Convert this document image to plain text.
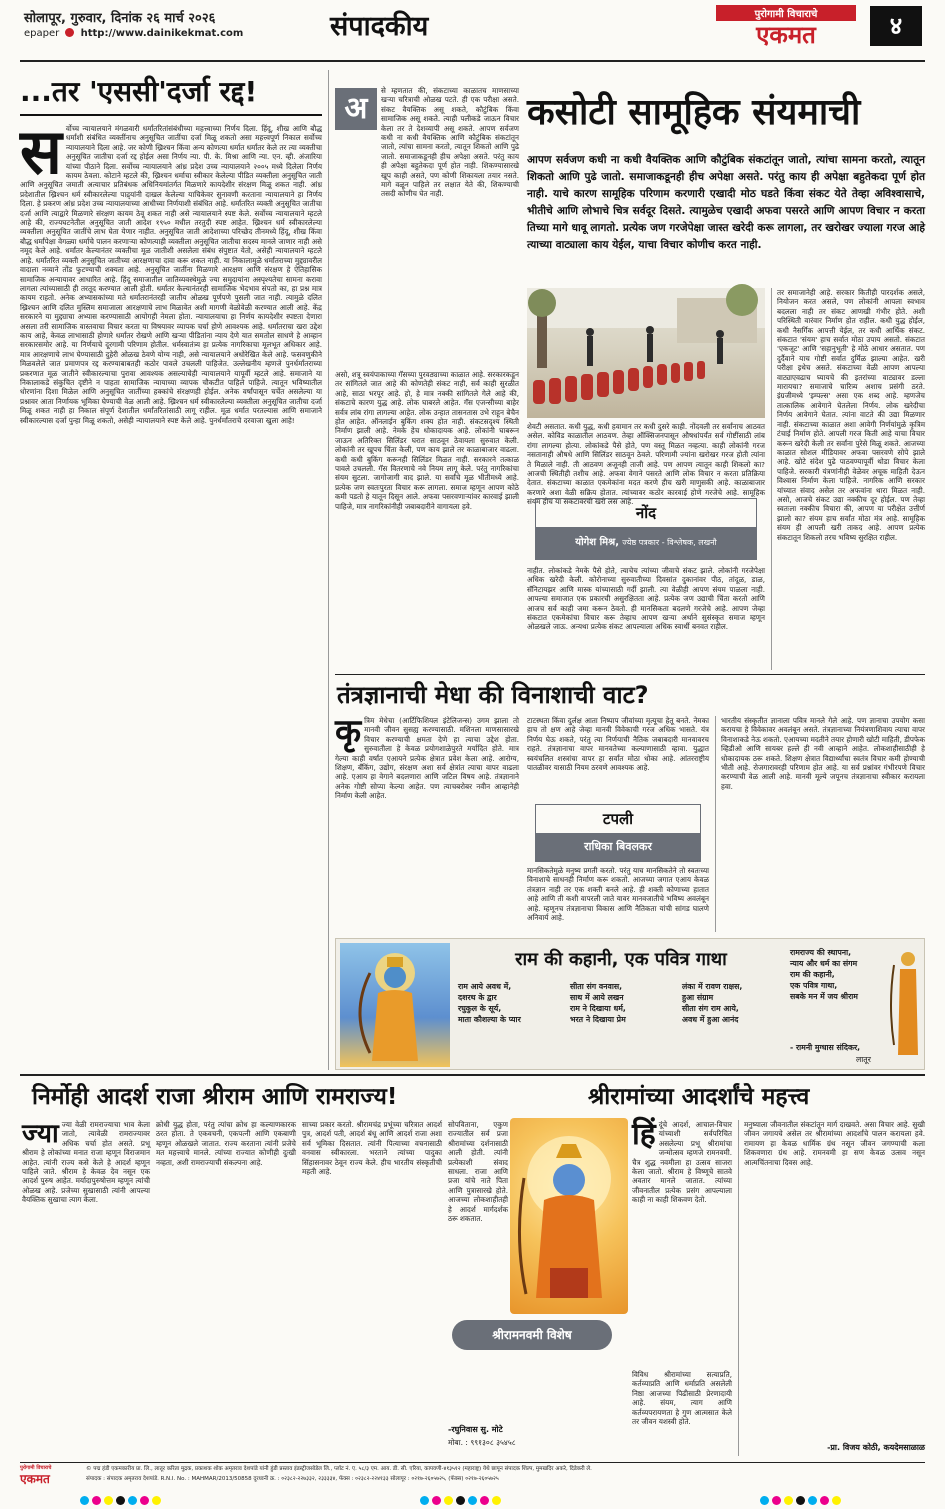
सोलापूर, गुरुवार, दिनांक २६ मार्च २०२६
epaper http://www.dainikekmat.com	संपादकीय	पुरोगामी विचाराचे
एकमत	४
...तर 'एससी'दर्जा रद्द!
स र्वोच्च न्यायालयाने मंगळवारी धर्मांतरितांसंबंधीच्या महत्त्वाच्या निर्णय दिला. हिंदू, शीख आणि बौद्ध धर्मांशी संबंधित व्यक्तींनाच अनुसूचित जातींचा दर्जा मिळू शकतो असा महत्त्वपूर्ण निकाल सर्वोच्च न्यायालयाने दिला आहे. जर कोणी ख्रिश्चन किंवा अन्य कोणत्या धर्मात धर्मांतर केले तर त्या व्यक्तीचा अनुसूचित जातीचा दर्जा रद्द होईल असा निर्णय न्या. पी. के. मिश्रा आणि न्या. एन. व्ही. अंजारिया यांच्या पीठाने दिला. सर्वोच्च न्यायालयाने आंध्र प्रदेश उच्च न्यायालयाने २००५ मध्ये दिलेला निर्णय कायम ठेवला. कोटाने म्हटले की, ख्रिश्चन धर्माचा स्वीकार केलेल्या पीडित व्यक्तीला अनुसूचित जाती आणि अनुसूचित जमाती अत्याचार प्रतिबंधक अधिनियमांतर्गत मिळणारे कायदेशीर संरक्षण मिळू शकत नाही. आंध्र प्रदेशातील ख्रिश्चन धर्म स्वीकारलेल्या पाद्र्यांनी दाखल केलेल्या याचिकेवर सुनावणी करताना न्यायालयाने हा निर्णय दिला. हे प्रकरण आंध्र प्रदेश उच्च न्यायालयाच्या आधीच्या निर्णयाशी संबंधित आहे. धर्मांतरित व्यक्ती अनुसूचित जातीचा दर्जा आणि त्याद्वारे मिळणारे संरक्षण कायम ठेवू शकत नाही असे न्यायालयाने स्पष्ट केले. सर्वोच्च न्यायालयाने म्हटले आहे की, राज्यघटनेतील अनुसूचित जाती आदेश १९५० मधील तरतुदी स्पष्ट आहेत. ख्रिश्चन धर्म स्वीकारलेल्या व्यक्तीला अनुसूचित जातींचे लाभ घेता येणार नाहीत. अनुसूचित जाती आदेशाच्या परिच्छेद तीनमध्ये हिंदू, शीख किंवा बौद्ध धर्मांपेक्षा वेगळ्या धर्माचे पालन करणाऱ्या कोणत्याही व्यक्तीला अनुसूचित जातीचा सदस्य मानले जाणार नाही असे नमूद केले आहे. धर्मांतर केल्यानंतर व्यक्तीचा मूळ जातीशी असलेला संबंध संपुष्टात येतो, असेही न्यायालयाने म्हटले आहे. धर्मांतरित व्यक्ती अनुसूचित जातीच्या आरक्षणाचा दावा करू शकत नाही. या निकालामुळे धर्मांतराच्या मुद्द्यावरील वादाला नव्याने तोंड फुटण्याची शक्यता आहे. अनुसूचित जातींना मिळणारे आरक्षण आणि संरक्षण हे ऐतिहासिक सामाजिक अन्यायावर आधारित आहे. हिंदू समाजातील जातिव्यवस्थेमुळे ज्या समुदायांना अस्पृश्यतेचा सामना करावा लागला त्यांच्यासाठी ही तरतूद करण्यात आली होती. धर्मांतर केल्यानंतरही सामाजिक भेदभाव संपतो का, हा प्रश्न मात्र कायम राहतो. अनेक अभ्यासकांच्या मते धर्मांतरानंतरही जातीय ओळख पूर्णपणे पुसली जात नाही. त्यामुळे दलित ख्रिश्चन आणि दलित मुस्लिम समाजाला आरक्षणाचे लाभ मिळावेत अशी मागणी वेळोवेळी करण्यात आली आहे. केंद्र सरकारने या मुद्द्याचा अभ्यास करण्यासाठी आयोगही नेमला होता. न्यायालयाचा हा निर्णय कायदेशीर स्पष्टता देणारा असला तरी सामाजिक वास्तवाचा विचार करता या विषयावर व्यापक चर्चा होणे आवश्यक आहे. धर्मांतराचा खरा उद्देश काय आहे, केवळ लाभासाठी होणारे धर्मांतर रोखणे आणि खऱ्या पीडितांना न्याय देणे यात समतोल साधणे हे आव्हान सरकारसमोर आहे. या निर्णयाचे दूरगामी परिणाम होतील. धर्मस्वातंत्र्य हा प्रत्येक नागरिकाचा मूलभूत अधिकार आहे. मात्र आरक्षणाचे लाभ घेण्यासाठी दुहेरी ओळख ठेवणे योग्य नाही, असे न्यायालयाने अधोरेखित केले आहे. फसवणुकीने मिळवलेले जात प्रमाणपत्र रद्द करण्याबाबतही कठोर पावले उचलली पाहिजेत. उल्लेखनीय म्हणजे पुनर्धर्मांतराच्या प्रकरणात मूळ जातीने स्वीकारल्याचा पुरावा आवश्यक असल्याचेही न्यायालयाने यापूर्वी म्हटले आहे. समाजाने या निकालाकडे संकुचित दृष्टीने न पाहता सामाजिक न्यायाच्या व्यापक चौकटीत पाहिले पाहिजे. त्यातून भविष्यातील धोरणांना दिशा मिळेल आणि अनुसूचित जातींच्या हक्कांचे संरक्षणही होईल. अनेक वर्षांपासून चर्चेत असलेल्या या प्रश्नावर आता निर्णायक भूमिका घेण्याची वेळ आली आहे. ख्रिश्चन धर्म स्वीकारलेल्या व्यक्तीला अनुसूचित जातीचा दर्जा मिळू शकत नाही हा निकाल संपूर्ण देशातील धर्मांतरितांसाठी लागू राहील. मूळ धर्मात परतल्यास आणि समाजाने स्वीकारल्यास दर्जा पुन्हा मिळू शकतो, असेही न्यायालयाने स्पष्ट केले आहे. पुनर्धर्मांतराचे दरवाजा खुला आहे!
अ
से म्हणतात की, संकटाच्या काळातच माणसाच्या खऱ्या चरित्राची ओळख पटते. ही एक परीक्षा असते. संकट वैयक्तिक असू शकते, कौटुंबिक किंवा सामाजिक असू शकते. त्याही पलीकडे जाऊन विचार केला तर ते देशव्यापी असू शकते. आपण सर्वजण कधी ना कधी वैयक्तिक आणि कौटुंबिक संकटांतून जातो, त्यांचा सामना करतो, त्यातून शिकतो आणि पुढे जातो. समाजाकडूनही हीच अपेक्षा असते. परंतु काय ही अपेक्षा बहुतेकदा पूर्ण होत नाही. शिकण्यासारखे खूप काही असते, पण कोणी शिकायला तयार नसते. मागे वळून पाहिले तर लक्षात येते की, शिकण्याची तसदी कोणीच घेत नाही.
कसोटी सामूहिक संयमाची
आपण सर्वजण कधी ना कधी वैयक्तिक आणि कौटुंबिक संकटांतून जातो, त्यांचा सामना करतो, त्यातून शिकतो आणि पुढे जातो. समाजाकडूनही हीच अपेक्षा असते. परंतु काय ही अपेक्षा बहुतेकदा पूर्ण होत नाही. याचे कारण सामूहिक परिणाम करणारी एखादी मोठ घडते किंवा संकट येते तेव्हा अविश्वासाचे, भीतीचे आणि लोभाचे चित्र सर्वदूर दिसते. त्यामुळेच एखादी अफवा पसरते आणि आपण विचार न करता तिच्या मागे धावू लागतो. प्रत्येक जण गरजेपेक्षा जास्त खरेदी करू लागला, तर खरोखर ज्याला गरज आहे त्याच्या वाट्याला काय येईल, याचा विचार कोणीच करत नाही.
असो, शत्रू स्वयंपाकाच्या गॅसच्या पुरवठ्याच्या काळात आहे. सरकारकडून तर सांगितले जात आहे की कोणतेही संकट नाही, सर्व काही सुरळीत आहे, साठा भरपूर आहे. हो, हे मात्र नक्की सांगितले गेले आहे की, संकटाचे कारण युद्ध आहे. लोक घाबरले आहेत. गॅस एजन्सीच्या बाहेर सर्वत्र लांब रांगा लागल्या आहेत. लोक उन्हात तासनतास उभे राहून बेचैन होत आहेत. ऑनलाईन बुकिंग शक्य होत नाही. संकटसदृश्य स्थिती निर्माण झाली आहे. नेमके हेच धोकादायक आहे. लोकांनी घाबरून जाऊन अतिरिक्त सिलिंडर घरात साठवून ठेवायला सुरुवात केली. लोकांनी तर खूपच चिंता केली, पण काय झाले तर काळाबाजार वाढला. कधी कधी बुकिंग करूनही सिलिंडर मिळत नाही. सरकारने तत्काळ पावले उचलली. गॅस वितरणाचे नवे नियम लागू केले. परंतु नागरिकांचा संयम सुटला. जागोजागी वाद झाले. या सर्वांचे मूळ भीतीमध्ये आहे. प्रत्येक जण स्वतःपुरता विचार करू लागला. समाज म्हणून आपण कोठे कमी पडतो हे यातून दिसून आले. अफवा पसरवणाऱ्यांवर कारवाई झाली पाहिजे, मात्र नागरिकांनीही जबाबदारीने वागायला हवे.
शेवटी असतात. कधी युद्ध, कधी हवामान तर कधी दुसरे काही. नोंदवली तर सर्वांनाच आठवत असेल. कोविड काळातील आठवण. तेव्हा ऑक्सिजनपासून औषधांपर्यंत सर्व गोष्टींसाठी लांब रांगा लागल्या होत्या. लोकांकडे पैसे होते, पण वस्तू मिळत नव्हत्या. काही लोकांनी गरज नसतानाही औषधे आणि सिलिंडर साठवून ठेवले. परिणामी ज्यांना खरोखर गरज होती त्यांना ते मिळाले नाही. ती आठवण अजूनही ताजी आहे. पण आपण त्यातून काही शिकलो का? आजची स्थितीही तशीच आहे. अफवा वेगाने पसरते आणि लोक विचार न करता प्रतिक्रिया देतात. संकटाच्या काळात एकमेकांना मदत करणे हीच खरी माणुसकी आहे. काळाबाजार करणारे अशा वेळी सक्रिय होतात. त्यांच्यावर कठोर कारवाई होणे गरजेचे आहे. सामूहिक संयम हीच या संकटावरची खरी लस आहे.
नोंद
योगेश मिश्र, ज्येष्ठ पत्रकार - विश्लेषक, लखनौ
नाहीत. लोकांकडे नेमके पैसे होते, त्याचेच त्यांच्या जीवाचे संकट झाले. लोकांनी गरजेपेक्षा अधिक खरेदी केली. कोरोनाच्या सुरुवातीच्या दिवसांत दुकानांवर पीठ, तांदूळ, डाळ, सॅनिटायझर आणि मास्क यांच्यासाठी गर्दी झाली. त्या वेळीही आपण संयम पाळला नाही. आपल्या समाजात एक प्रकारची असुरक्षितता आहे. प्रत्येक जण उद्याची चिंता करतो आणि आजच सर्व काही जमा करून ठेवतो. ही मानसिकता बदलणे गरजेचे आहे. आपण जेव्हा संकटात एकमेकांचा विचार करू तेव्हाच आपण खऱ्या अर्थाने सुसंस्कृत समाज म्हणून ओळखले जाऊ. अन्यथा प्रत्येक संकट आपल्याला अधिक स्वार्थी बनवत राहील.
तर समाजानेही आहे. सरकार कितीही पारदर्शक असले, नियोजन करत असले, पण लोकांनी आपला स्वभाव बदलला नाही तर संकट आणखी गंभीर होते. अशी परिस्थिती वारंवार निर्माण होत राहील. कधी युद्ध होईल, कधी नैसर्गिक आपत्ती येईल, तर कधी आर्थिक संकट. संकटात 'संयम' हाच सर्वात मोठा उपाय असतो. संकटात 'एकजूट' आणि 'सहानुभूती' हे मोठे आधार असतात. पण दुर्दैवाने याच गोष्टी सर्वात दुर्मिळ झाल्या आहेत. खरी परीक्षा इथेच असते. संकटाच्या वेळी आपण आपल्या वाट्याएवढाच घ्यायचे की इतरांच्या वाट्यावर डल्ला मारायचा? समाजाचे चारित्र्य अशाच प्रसंगी ठरते. इंग्रजीमध्ये 'इम्पल्स' असा एक शब्द आहे. म्हणजेच तात्कालिक आवेगाने घेतलेला निर्णय. लोक खरेदीचा निर्णय आवेगाने घेतात. त्यांना वाटते की उद्या मिळणार नाही. संकटाच्या काळात अशा आवेगी निर्णयांमुळे कृत्रिम टंचाई निर्माण होते. आपली गरज किती आहे याचा विचार करून खरेदी केली तर सर्वांना पुरेसे मिळू शकते. आजच्या काळात सोशल मीडियावर अफवा पसरवणे सोपे झाले आहे. खोटे संदेश पुढे पाठवण्यापूर्वी थोडा विचार केला पाहिजे. सरकारी यंत्रणांनीही वेळेवर अचूक माहिती देऊन विश्वास निर्माण केला पाहिजे. नागरिक आणि सरकार यांच्यात संवाद असेल तर अफवांना थारा मिळत नाही. असो, आजचे संकट उद्या नक्कीच दूर होईल. पण तेव्हा स्वतःला नक्कीच विचारा की, आपण या परीक्षेत उत्तीर्ण झालो का? संयम हाच सर्वांत मोठा मंत्र आहे. सामूहिक संयम ही आपली खरी ताकद आहे. आपण प्रत्येक संकटातून शिकलो तरच भविष्य सुरक्षित राहील.
तंत्रज्ञानाची मेधा की विनाशाची वाट?
कृ त्रिम मेधेचा (आर्टिफिशियल इंटेलिजन्स) उगम झाला तो मानवी जीवन सुसह्य करण्यासाठी. मशिनला माणसासारखे विचार करण्याची क्षमता देणे हा त्याचा उद्देश होता. सुरुवातीला हे केवळ प्रयोगशाळेपुरते मर्यादित होते. मात्र गेल्या काही वर्षांत एआयने प्रत्येक क्षेत्रात प्रवेश केला आहे. आरोग्य, शिक्षण, बँकिंग, उद्योग, संरक्षण अशा सर्व क्षेत्रांत त्याचा वापर वाढला आहे. एआय हा वेगाने बदलणारा आणि जटिल विषय आहे. तंत्रज्ञानाने अनेक गोष्टी सोप्या केल्या आहेत. पण त्याचबरोबर नवीन आव्हानेही निर्माण केली आहेत.
टाटस्थता किंवा दुर्लक्ष आता निष्पाप जीवांच्या मृत्यूचा हेतू बनते. नेमका हाच तो क्षण आहे जेव्हा मानवी विवेकाची गरज अधिक भासते. यंत्र निर्णय घेऊ शकते, परंतु त्या निर्णयाची नैतिक जबाबदारी मानवावरच राहते. तंत्रज्ञानाचा वापर मानवतेच्या कल्याणासाठी व्हावा. युद्धात स्वयंचलित शस्त्रांचा वापर हा सर्वांत मोठा धोका आहे. आंतरराष्ट्रीय पातळीवर यासाठी नियम ठरवणे आवश्यक आहे.
टपली
राधिका बिवलकर
मानसिकतेमुळे मनुष्य प्रगती करतो. परंतु याच मानसिकतेने तो स्वतःच्या विनाशाचे साधनही निर्माण करू शकतो. आजच्या जगात एआय केवळ तंत्रज्ञान नाही तर एक शक्ती बनले आहे. ही शक्ती कोणाच्या हातात आहे आणि ती कशी वापरली जाते यावर मानवजातीचे भविष्य अवलंबून आहे. म्हणूनच तंत्रज्ञानाचा विकास आणि नैतिकता यांची सांगड घालणे अनिवार्य आहे.
भारतीय संस्कृतीत ज्ञानाला पवित्र मानले गेले आहे. पण ज्ञानाचा उपयोग कसा करायचा हे विवेकावर अवलंबून असते. तंत्रज्ञानाच्या नियंत्रणाशिवाय त्याचा वापर विनाशाकडे नेऊ शकतो. एआयच्या मदतीने तयार होणारी खोटी माहिती, डीपफेक व्हिडीओ आणि सायबर हल्ले ही नवी आव्हाने आहेत. लोकशाहीसाठीही हे धोकादायक ठरू शकते. शिक्षण क्षेत्रात विद्यार्थ्यांचा स्वतंत्र विचार कमी होण्याची भीती आहे. रोजगारावरही परिणाम होत आहे. या सर्व प्रश्नांवर गंभीरपणे विचार करण्याची वेळ आली आहे. मानवी मूल्ये जपूनच तंत्रज्ञानाचा स्वीकार करायला हवा.
राम की कहानी, एक पवित्र गाथा
राम आये अवध में,
दशरथ के द्वार
रघुकुल के सूर्य,
माता कौशल्या के प्यार
सीता संग वनवास,
साथ में आये लखन
राम ने दिखाया धर्म,
भरत ने दिखाया प्रेम
लंका में रावण राक्षस,
हुआ संग्राम
सीता संग राम आये,
अवध में हुआ आनंद
रामराज्य की स्थापना,
न्याय और धर्म का संगम
राम की कहानी,
एक पवित्र गाथा,
सबके मन में जय श्रीराम
- रामनी मुग्धास संदिकर,
लातूर
निर्मोही आदर्श राजा श्रीराम आणि रामराज्य!
ज्या ज्या वेळी रामराज्याचा भाव केला जातो, त्यावेळी रामराज्यावर अधिक चर्चा होत असते. प्रभू श्रीराम हे लोकांच्या मनात राजा म्हणून विराजमान आहेत. त्यांनी राज्य कसे केले हे आदर्श म्हणून पाहिले जाते. श्रीराम हे केवळ देव नसून एक आदर्श पुरुष आहेत. मर्यादापुरुषोत्तम म्हणून त्यांची ओळख आहे. प्रजेच्या सुखासाठी त्यांनी आपल्या वैयक्तिक सुखाचा त्याग केला.
क्रोधी युद्ध होता, परंतु त्यांचा क्रोध हा कल्याणकारक ठरत होता. ते एकवचनी, एकपत्नी आणि एकबाणी म्हणून ओळखले जातात. राज्य करताना त्यांनी प्रजेचे मत महत्त्वाचे मानले. त्यांच्या राज्यात कोणीही दुःखी नव्हता, अशी रामराज्याची संकल्पना आहे.
साच्या प्रकार करतो. श्रीरामचंद्र प्रभूंच्या चरित्रात आदर्श पुत्र, आदर्श पती, आदर्श बंधू आणि आदर्श राजा अशा सर्व भूमिका दिसतात. त्यांनी पित्याच्या वचनासाठी वनवास स्वीकारला. भरताने त्यांच्या पादुका सिंहासनावर ठेवून राज्य केले. हीच भारतीय संस्कृतीची महती आहे.
सोपविताना, एकुण राज्यातील सर्व प्रजा श्रीरामांच्या दर्शनासाठी आली होती. त्यांनी प्रत्येकाशी संवाद साधला. राजा आणि प्रजा यांचे नाते पिता आणि पुत्रासारखे होते. आजच्या लोकशाहीतही हे आदर्श मार्गदर्शक ठरू शकतात.
-रघुनिवास सु. मोटे
मोबा. : ९९१३०८ ३५४५८
श्रीरामनवमी विशेष
श्रीरामांच्या आदर्शांचे महत्त्व
हिं दूंचे आदर्श, आचाल-विचार यांच्याशी सर्वपरिचित असलेल्या प्रभू श्रीरामांचा जन्मोत्सव म्हणजे रामनवमी. चैत्र शुद्ध नवमीला हा उत्सव साजरा केला जातो. श्रीराम हे विष्णूचे सातवे अवतार मानले जातात. त्यांच्या जीवनातील प्रत्येक प्रसंग आपल्याला काही ना काही शिकवण देतो.
विविध श्रीरामांच्या सत्याप्रति, कर्तव्याप्रति आणि धर्माप्रति असलेली निष्ठा आजच्या पिढीसाठी प्रेरणादायी आहे. संयम, त्याग आणि कर्तव्यपरायणता हे गुण आत्मसात केले तर जीवन यशस्वी होते.
मनुष्याला जीवनातील संकटांतून मार्ग दाखवते. असा विचार आहे. सुखी जीवन जगायचे असेल तर श्रीरामांच्या आदर्शांचे पालन करायला हवे. रामायण हा केवळ धार्मिक ग्रंथ नसून जीवन जगण्याची कला शिकवणारा ग्रंथ आहे. रामनवमी हा सण केवळ उत्सव नसून आत्मचिंतनाचा दिवस आहे.
-प्रा. विजय कोठी, कयदेमसाळाळ
पुरोगामी विचाराचे
एकमत
© पद्म हंडी एकमकारीय प्रा. लि., लातूर करिता मुद्रक, प्रकाशक शोक अमृतराव देशपांडे यांनी हुंडी प्रस्ताव इंडस्ट्रीजसोडेल लि., प्लॉट नं. ए. ५८/३ एम. आय. डी. सी. एरिया, कापवणी-४१३५१२ (महाराष्ट्र) येथे छापून संपादक शिल्प, मुमखदिर अकरे, दिडेकरी ले.
संपादक : संपादक अमृतराव देशपांडे. R.N.I. No. : MAHMAR/2013/50858 दूरध्वनी क्र. : ०२३८२-२२७३३२, २३३३३४, फॅक्स : ०२३८२-२२४१३३ सोलापूर : ०२१७-२६०५७२५, (फॅक्स) ०२१७-२६०५७२५
